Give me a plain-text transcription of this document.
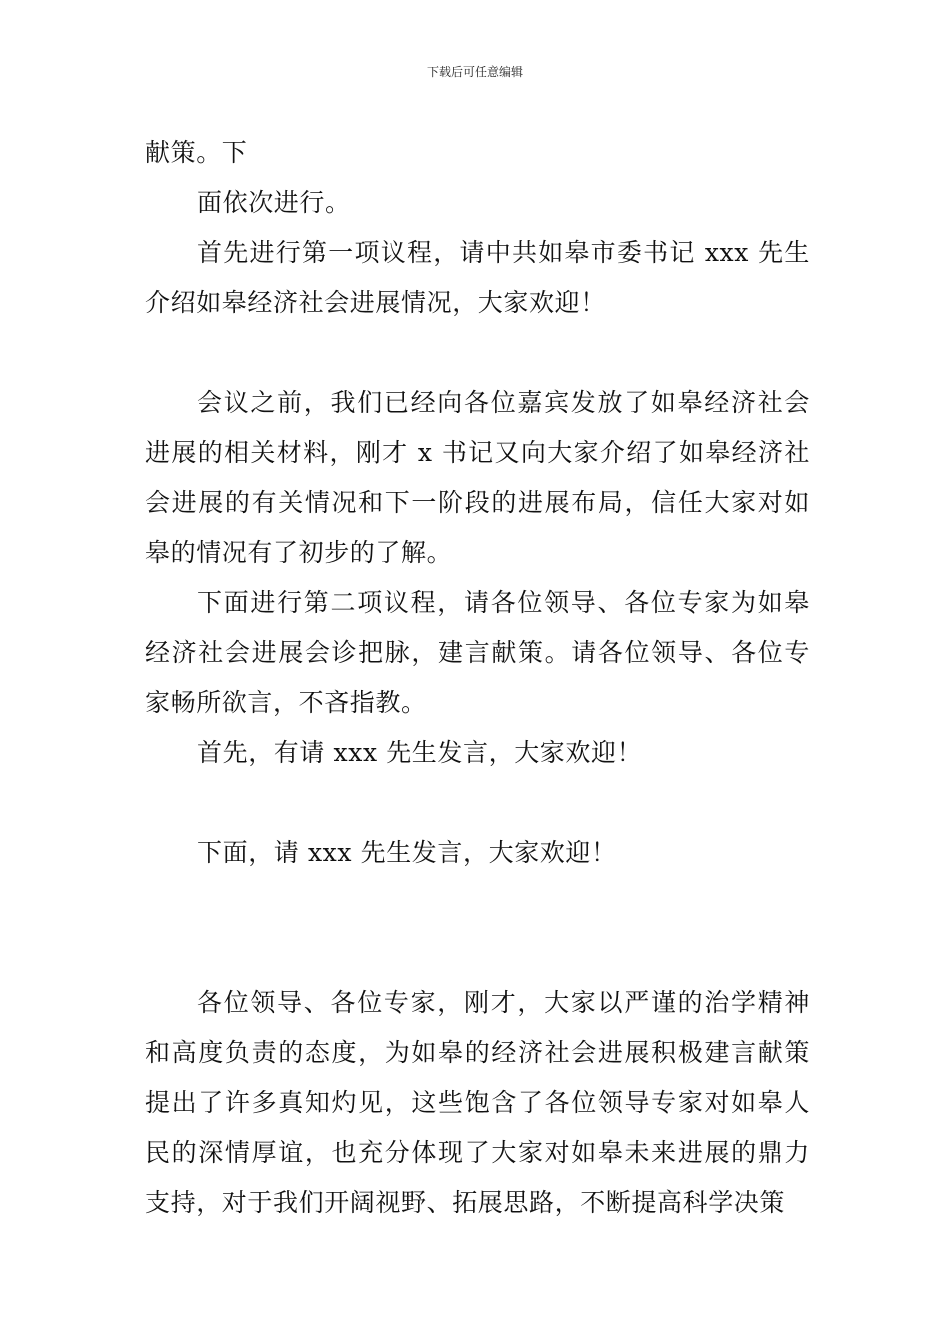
下载后可任意编辑

献策。下

面依次进行。

首先进行第一项议程，请中共如皋市委书记 xxx 先生介绍如皋经济社会进展情况，大家欢迎！

会议之前，我们已经向各位嘉宾发放了如皋经济社会进展的相关材料，刚才 x 书记又向大家介绍了如皋经济社会进展的有关情况和下一阶段的进展布局，信任大家对如皋的情况有了初步的了解。

下面进行第二项议程，请各位领导、各位专家为如皋经济社会进展会诊把脉，建言献策。请各位领导、各位专家畅所欲言，不吝指教。

首先，有请 xxx 先生发言，大家欢迎！

下面，请 xxx 先生发言，大家欢迎！

各位领导、各位专家，刚才，大家以严谨的治学精神和高度负责的态度，为如皋的经济社会进展积极建言献策提出了许多真知灼见，这些饱含了各位领导专家对如皋人民的深情厚谊，也充分体现了大家对如皋未来进展的鼎力支持，对于我们开阔视野、拓展思路，不断提高科学决策
